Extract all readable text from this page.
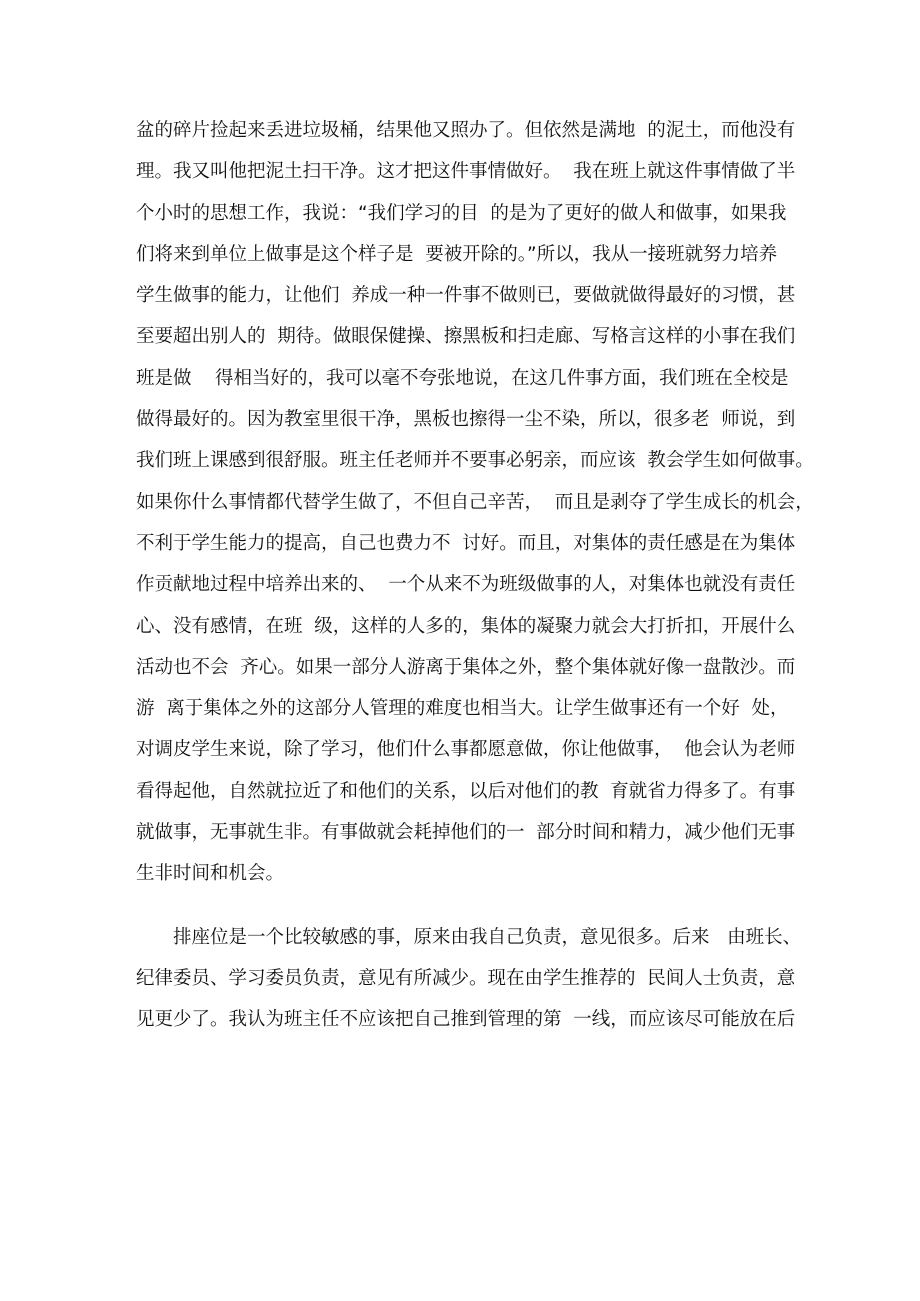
盆的碎片捡起来丢进垃圾桶，结果他又照办了。但依然是满地  的泥土，而他没有
理。我又叫他把泥土扫干净。这才把这件事情做好。  我在班上就这件事情做了半
个小时的思想工作，我说：“我们学习的目  的是为了更好的做人和做事，如果我
们将来到单位上做事是这个样子是  要被开除的。”所以，我从一接班就努力培养
学生做事的能力，让他们  养成一种一件事不做则已，要做就做得最好的习惯，甚
至要超出别人的  期待。做眼保健操、擦黑板和扫走廊、写格言这样的小事在我们
班是做    得相当好的，我可以毫不夸张地说，在这几件事方面，我们班在全校是
做得最好的。因为教室里很干净，黑板也擦得一尘不染，所以，很多老  师说，到
我们班上课感到很舒服。班主任老师并不要事必躬亲，而应该  教会学生如何做事。
如果你什么事情都代替学生做了，不但自己辛苦，  而且是剥夺了学生成长的机会，
不利于学生能力的提高，自己也费力不  讨好。而且，对集体的责任感是在为集体
作贡献地过程中培养出来的、  一个从来不为班级做事的人，对集体也就没有责任
心、没有感情，在班  级，这样的人多的，集体的凝聚力就会大打折扣，开展什么
活动也不会  齐心。如果一部分人游离于集体之外，整个集体就好像一盘散沙。而
游  离于集体之外的这部分人管理的难度也相当大。让学生做事还有一个好  处，
对调皮学生来说，除了学习，他们什么事都愿意做，你让他做事，  他会认为老师
看得起他，自然就拉近了和他们的关系，以后对他们的教  育就省力得多了。有事
就做事，无事就生非。有事做就会耗掉他们的一  部分时间和精力，减少他们无事
生非时间和机会。
排座位是一个比较敏感的事，原来由我自己负责，意见很多。后来   由班长、
纪律委员、学习委员负责，意见有所减少。现在由学生推荐的  民间人士负责，意
见更少了。我认为班主任不应该把自己推到管理的第  一线，而应该尽可能放在后
